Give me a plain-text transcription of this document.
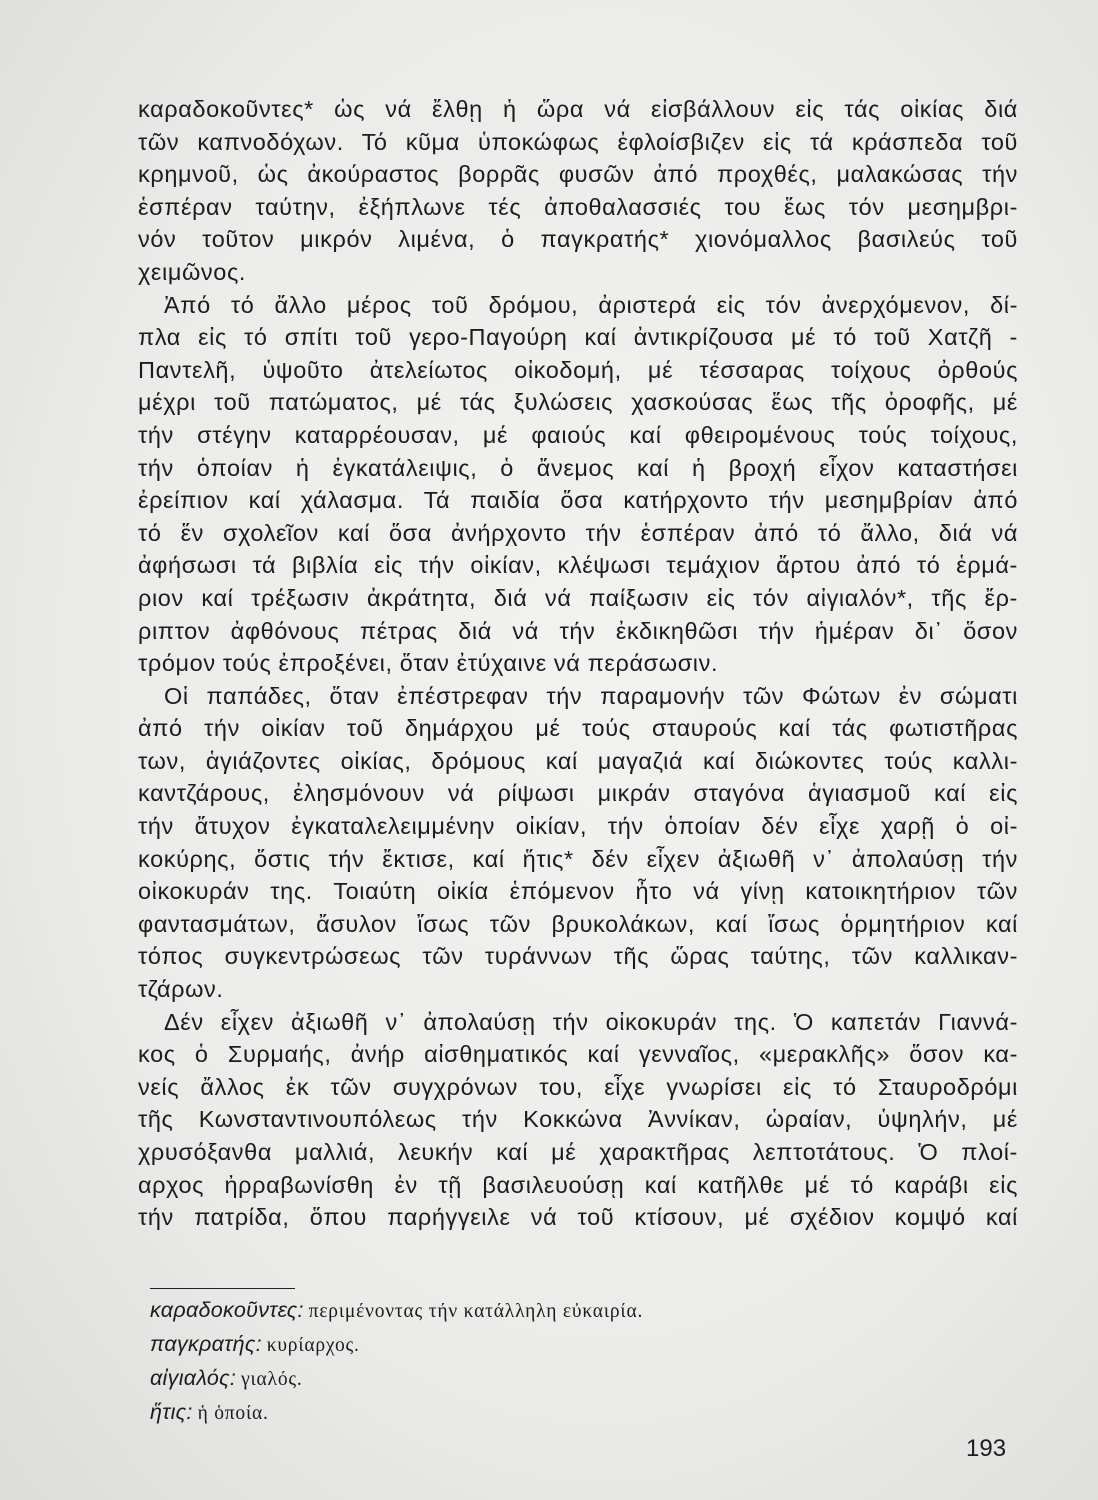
καραδοκοῦντες* ὡς νά ἔλθῃ ἡ ὥρα νά εἰσβάλλουν εἰς τάς οἰκίας διά
τῶν καπνοδόχων. Τό κῦμα ὑποκώφως ἐφλοίσβιζεν εἰς τά κράσπεδα τοῦ
κρημνοῦ, ὡς ἀκούραστος βορρᾶς φυσῶν ἀπό προχθές, μαλακώσας τήν
ἑσπέραν ταύτην, ἐξήπλωνε τές ἀποθαλασσιές του ἕως τόν μεσημβρι-
νόν τοῦτον μικρόν λιμένα, ὁ παγκρατής* χιονόμαλλος βασιλεύς τοῦ
χειμῶνος.
Ἀπό τό ἄλλο μέρος τοῦ δρόμου, ἀριστερά εἰς τόν ἀνερχόμενον, δί-
πλα εἰς τό σπίτι τοῦ γερο-Παγούρη καί ἀντικρίζουσα μέ τό τοῦ Χατζῆ -
Παντελῆ, ὑψοῦτο ἀτελείωτος οἰκοδομή, μέ τέσσαρας τοίχους ὀρθούς
μέχρι τοῦ πατώματος, μέ τάς ξυλώσεις χασκούσας ἕως τῆς ὀροφῆς, μέ
τήν στέγην καταρρέουσαν, μέ φαιούς καί φθειρομένους τούς τοίχους,
τήν ὁποίαν ἡ ἐγκατάλειψις, ὁ ἄνεμος καί ἡ βροχή εἶχον καταστήσει
ἐρείπιον καί χάλασμα. Τά παιδία ὅσα κατήρχοντο τήν μεσημβρίαν ἀπό
τό ἕν σχολεῖον καί ὅσα ἀνήρχοντο τήν ἑσπέραν ἀπό τό ἄλλο, διά νά
ἀφήσωσι τά βιβλία εἰς τήν οἰκίαν, κλέψωσι τεμάχιον ἄρτου ἀπό τό ἑρμά-
ριον καί τρέξωσιν ἀκράτητα, διά νά παίξωσιν εἰς τόν αἰγιαλόν*, τῆς ἔρ-
ριπτον ἀφθόνους πέτρας διά νά τήν ἐκδικηθῶσι τήν ἡμέραν δι᾽ ὅσον
τρόμον τούς ἐπροξένει, ὅταν ἐτύχαινε νά περάσωσιν.
Οἱ παπάδες, ὅταν ἐπέστρεφαν τήν παραμονήν τῶν Φώτων ἐν σώματι
ἀπό τήν οἰκίαν τοῦ δημάρχου μέ τούς σταυρούς καί τάς φωτιστῆρας
των, ἁγιάζοντες οἰκίας, δρόμους καί μαγαζιά καί διώκοντες τούς καλλι-
καντζάρους, ἐλησμόνουν νά ρίψωσι μικράν σταγόνα ἁγιασμοῦ καί εἰς
τήν ἄτυχον ἐγκαταλελειμμένην οἰκίαν, τήν ὁποίαν δέν εἶχε χαρῇ ὁ οἰ-
κοκύρης, ὅστις τήν ἔκτισε, καί ἥτις* δέν εἶχεν ἀξιωθῆ ν᾽ ἀπολαύσῃ τήν
οἰκοκυράν της. Τοιαύτη οἰκία ἑπόμενον ἦτο νά γίνῃ κατοικητήριον τῶν
φαντασμάτων, ἄσυλον ἴσως τῶν βρυκολάκων, καί ἴσως ὁρμητήριον καί
τόπος συγκεντρώσεως τῶν τυράννων τῆς ὥρας ταύτης, τῶν καλλικαν-
τζάρων.
Δέν εἶχεν ἀξιωθῆ ν᾽ ἀπολαύσῃ τήν οἰκοκυράν της. Ὁ καπετάν Γιαννά-
κος ὁ Συρμαής, ἀνήρ αἰσθηματικός καί γενναῖος, «μερακλῆς» ὅσον κα-
νείς ἄλλος ἐκ τῶν συγχρόνων του, εἶχε γνωρίσει εἰς τό Σταυροδρόμι
τῆς Κωνσταντινουπόλεως τήν Κοκκώνα Ἀννίκαν, ὡραίαν, ὑψηλήν, μέ
χρυσόξανθα μαλλιά, λευκήν καί μέ χαρακτῆρας λεπτοτάτους. Ὁ πλοί-
αρχος ἠρραβωνίσθη ἐν τῇ βασιλευούσῃ καί κατῆλθε μέ τό καράβι εἰς
τήν πατρίδα, ὅπου παρήγγειλε νά τοῦ κτίσουν, μέ σχέδιον κομψό καί
καραδοκοῦντες: περιμένοντας τήν κατάλληλη εὐκαιρία.
παγκρατής: κυρίαρχος.
αἰγιαλός: γιαλός.
ἥτις: ἡ ὁποία.
193
